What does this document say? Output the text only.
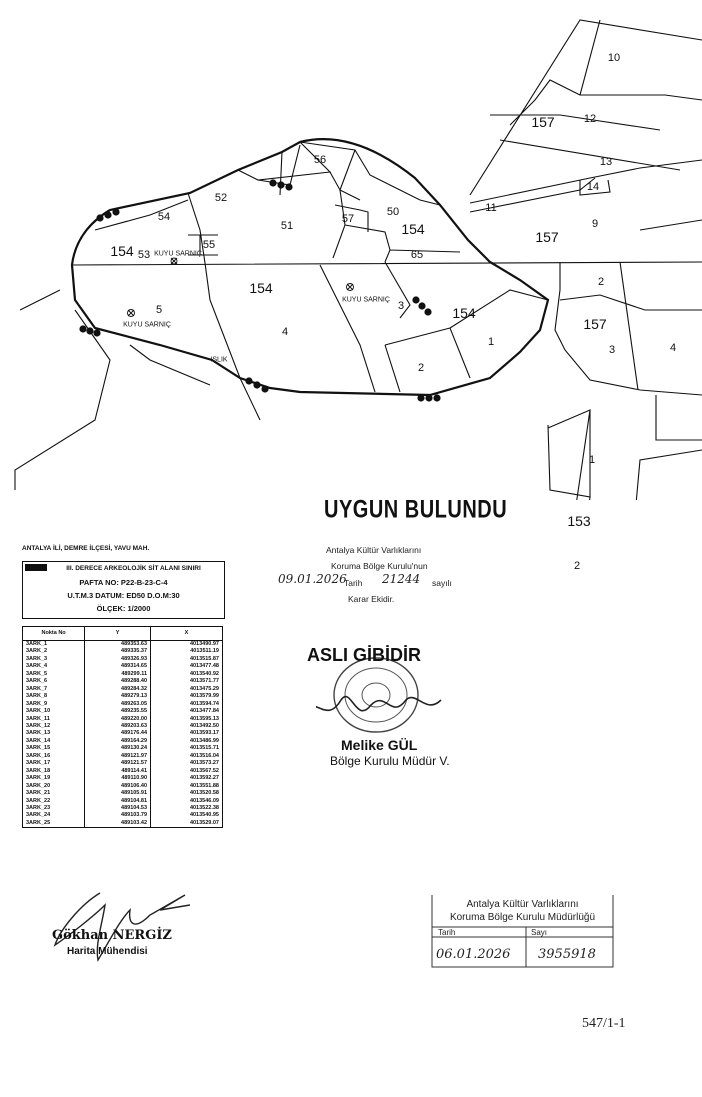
10
157	12
13
14
11
9
157
56
52
54
51
57
50
154
55
154 53 KUYU SARNIÇ	65
154
KUYU SARNIÇ 3	154
5
KUYU SARNIÇ
4
1
IŞLIK
2
2
157
3	4
1
153
2
ANTALYA İLİ, DEMRE İLÇESİ, YAVU MAH.
III. DERECE ARKEOLOJİK SİT ALANI SINIRI
PAFTA NO: P22-B-23-C-4
U.T.M.3 DATUM: ED50 D.O.M:30
ÖLÇEK: 1/2000
Nokta No	Y	X
3ARK_1	489353.63	4013490.97
3ARK_2	489335.37	4013511.19
3ARK_3	489326.93	4013515.87
3ARK_4	489314.65	4013477.48
3ARK_5	489299.11	4013540.92
3ARK_6	489288.40	4013571.77
3ARK_7	489284.32	4013475.29
3ARK_8	489279.13	4013579.99
3ARK_9	489263.05	4013594.74
3ARK_10	489235.55	4013477.84
3ARK_11	489220.00	4013595.13
3ARK_12	489203.63	4013492.50
3ARK_13	489176.44	4013593.17
3ARK_14	489164.29	4013486.99
3ARK_15	489130.24	4013515.71
3ARK_16	489121.97	4013516.04
3ARK_17	489121.57	4013573.27
3ARK_18	489114.41	4013567.52
3ARK_19	489110.90	4013592.27
3ARK_20	489106.40	4013551.88
3ARK_21	489105.91	4013520.58
3ARK_22	489104.81	4013546.09
3ARK_23	489104.53	4013522.38
3ARK_24	489103.79	4013540.95
3ARK_25	489103.42	4013529.07
UYGUN BULUNDU
Antalya Kültür Varlıklarını
Koruma Bölge Kurulu'nun
09.01.2026
Tarih 21244 sayılı
Karar Ekidir.
ASLI GİBİDİR
Melike GÜL
Bölge Kurulu Müdür V.
Gökhan NERGİZ
Harita Mühendisi
Antalya Kültür Varlıklarını
Koruma Bölge Kurulu Müdürlüğü
Tarih	Sayı
06.01.2026 3955918
547/1-1
